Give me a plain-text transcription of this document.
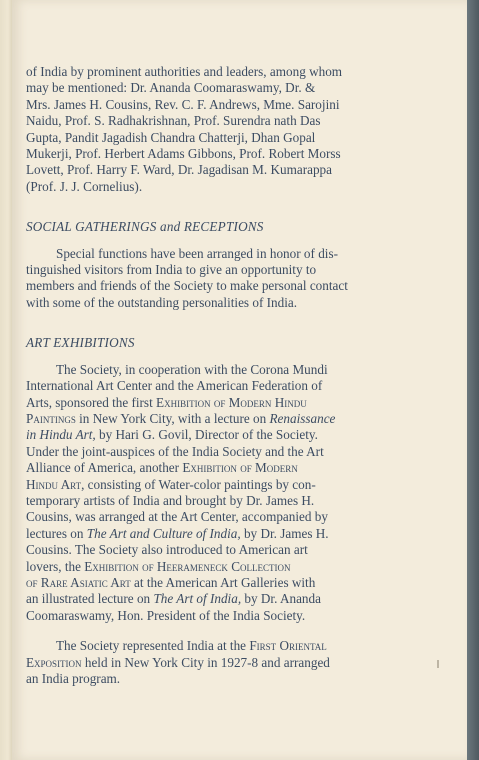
of India by prominent authorities and leaders, among whom
may be mentioned: Dr. Ananda Coomaraswamy, Dr. &
Mrs. James H. Cousins, Rev. C. F. Andrews, Mme. Sarojini
Naidu, Prof. S. Radhakrishnan, Prof. Surendra nath Das
Gupta, Pandit Jagadish Chandra Chatterji, Dhan Gopal
Mukerji, Prof. Herbert Adams Gibbons, Prof. Robert Morss
Lovett, Prof. Harry F. Ward, Dr. Jagadisan M. Kumarappa
(Prof. J. J. Cornelius).
SOCIAL GATHERINGS and RECEPTIONS
Special functions have been arranged in honor of dis-
tinguished visitors from India to give an opportunity to
members and friends of the Society to make personal contact
with some of the outstanding personalities of India.
ART EXHIBITIONS
The Society, in cooperation with the Corona Mundi
International Art Center and the American Federation of
Arts, sponsored the first Exhibition of Modern Hindu
Paintings in New York City, with a lecture on Renaissance
in Hindu Art, by Hari G. Govil, Director of the Society.
Under the joint-auspices of the India Society and the Art
Alliance of America, another Exhibition of Modern
Hindu Art, consisting of Water-color paintings by con-
temporary artists of India and brought by Dr. James H.
Cousins, was arranged at the Art Center, accompanied by
lectures on The Art and Culture of India, by Dr. James H.
Cousins. The Society also introduced to American art
lovers, the Exhibition of Heerameneck Collection
of Rare Asiatic Art at the American Art Galleries with
an illustrated lecture on The Art of India, by Dr. Ananda
Coomaraswamy, Hon. President of the India Society.
The Society represented India at the First Oriental
Exposition held in New York City in 1927-8 and arranged
an India program.
